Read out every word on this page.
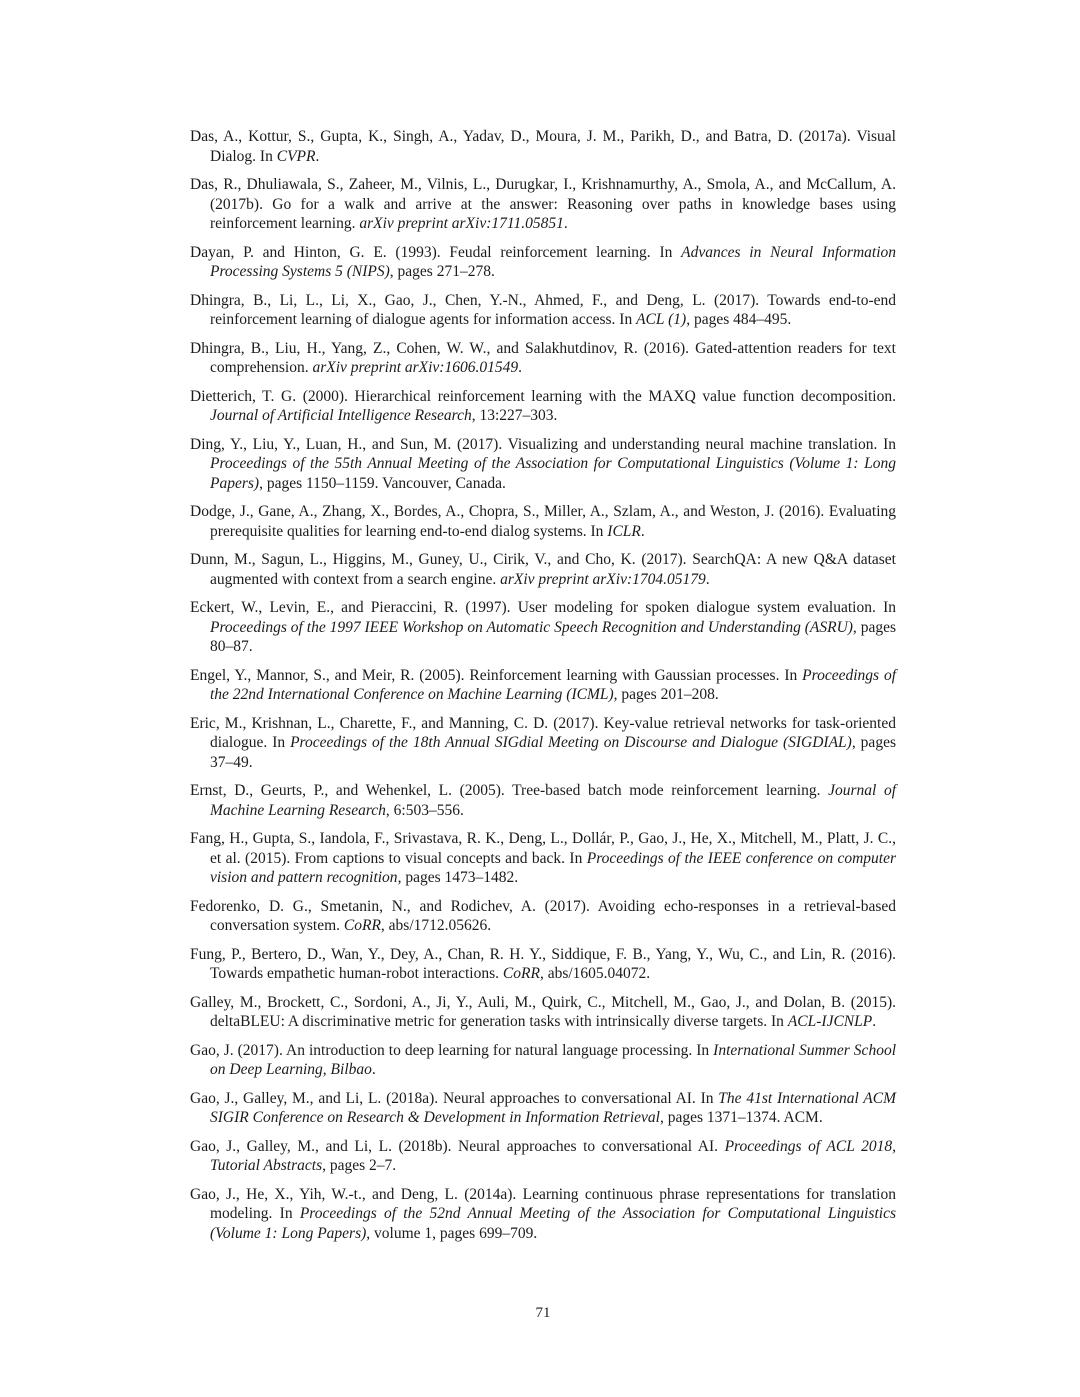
Das, A., Kottur, S., Gupta, K., Singh, A., Yadav, D., Moura, J. M., Parikh, D., and Batra, D. (2017a). Visual Dialog. In CVPR.

Das, R., Dhuliawala, S., Zaheer, M., Vilnis, L., Durugkar, I., Krishnamurthy, A., Smola, A., and McCallum, A. (2017b). Go for a walk and arrive at the answer: Reasoning over paths in knowledge bases using reinforcement learning. arXiv preprint arXiv:1711.05851.

Dayan, P. and Hinton, G. E. (1993). Feudal reinforcement learning. In Advances in Neural Information Processing Systems 5 (NIPS), pages 271–278.

Dhingra, B., Li, L., Li, X., Gao, J., Chen, Y.-N., Ahmed, F., and Deng, L. (2017). Towards end-to-end reinforcement learning of dialogue agents for information access. In ACL (1), pages 484–495.

Dhingra, B., Liu, H., Yang, Z., Cohen, W. W., and Salakhutdinov, R. (2016). Gated-attention readers for text comprehension. arXiv preprint arXiv:1606.01549.

Dietterich, T. G. (2000). Hierarchical reinforcement learning with the MAXQ value function decomposition. Journal of Artificial Intelligence Research, 13:227–303.

Ding, Y., Liu, Y., Luan, H., and Sun, M. (2017). Visualizing and understanding neural machine translation. In Proceedings of the 55th Annual Meeting of the Association for Computational Linguistics (Volume 1: Long Papers), pages 1150–1159. Vancouver, Canada.

Dodge, J., Gane, A., Zhang, X., Bordes, A., Chopra, S., Miller, A., Szlam, A., and Weston, J. (2016). Evaluating prerequisite qualities for learning end-to-end dialog systems. In ICLR.

Dunn, M., Sagun, L., Higgins, M., Guney, U., Cirik, V., and Cho, K. (2017). SearchQA: A new Q&A dataset augmented with context from a search engine. arXiv preprint arXiv:1704.05179.

Eckert, W., Levin, E., and Pieraccini, R. (1997). User modeling for spoken dialogue system evaluation. In Proceedings of the 1997 IEEE Workshop on Automatic Speech Recognition and Understanding (ASRU), pages 80–87.

Engel, Y., Mannor, S., and Meir, R. (2005). Reinforcement learning with Gaussian processes. In Proceedings of the 22nd International Conference on Machine Learning (ICML), pages 201–208.

Eric, M., Krishnan, L., Charette, F., and Manning, C. D. (2017). Key-value retrieval networks for task-oriented dialogue. In Proceedings of the 18th Annual SIGdial Meeting on Discourse and Dialogue (SIGDIAL), pages 37–49.

Ernst, D., Geurts, P., and Wehenkel, L. (2005). Tree-based batch mode reinforcement learning. Journal of Machine Learning Research, 6:503–556.

Fang, H., Gupta, S., Iandola, F., Srivastava, R. K., Deng, L., Dollár, P., Gao, J., He, X., Mitchell, M., Platt, J. C., et al. (2015). From captions to visual concepts and back. In Proceedings of the IEEE conference on computer vision and pattern recognition, pages 1473–1482.

Fedorenko, D. G., Smetanin, N., and Rodichev, A. (2017). Avoiding echo-responses in a retrieval-based conversation system. CoRR, abs/1712.05626.

Fung, P., Bertero, D., Wan, Y., Dey, A., Chan, R. H. Y., Siddique, F. B., Yang, Y., Wu, C., and Lin, R. (2016). Towards empathetic human-robot interactions. CoRR, abs/1605.04072.

Galley, M., Brockett, C., Sordoni, A., Ji, Y., Auli, M., Quirk, C., Mitchell, M., Gao, J., and Dolan, B. (2015). deltaBLEU: A discriminative metric for generation tasks with intrinsically diverse targets. In ACL-IJCNLP.

Gao, J. (2017). An introduction to deep learning for natural language processing. In International Summer School on Deep Learning, Bilbao.

Gao, J., Galley, M., and Li, L. (2018a). Neural approaches to conversational AI. In The 41st International ACM SIGIR Conference on Research & Development in Information Retrieval, pages 1371–1374. ACM.

Gao, J., Galley, M., and Li, L. (2018b). Neural approaches to conversational AI. Proceedings of ACL 2018, Tutorial Abstracts, pages 2–7.

Gao, J., He, X., Yih, W.-t., and Deng, L. (2014a). Learning continuous phrase representations for translation modeling. In Proceedings of the 52nd Annual Meeting of the Association for Computational Linguistics (Volume 1: Long Papers), volume 1, pages 699–709.

71
